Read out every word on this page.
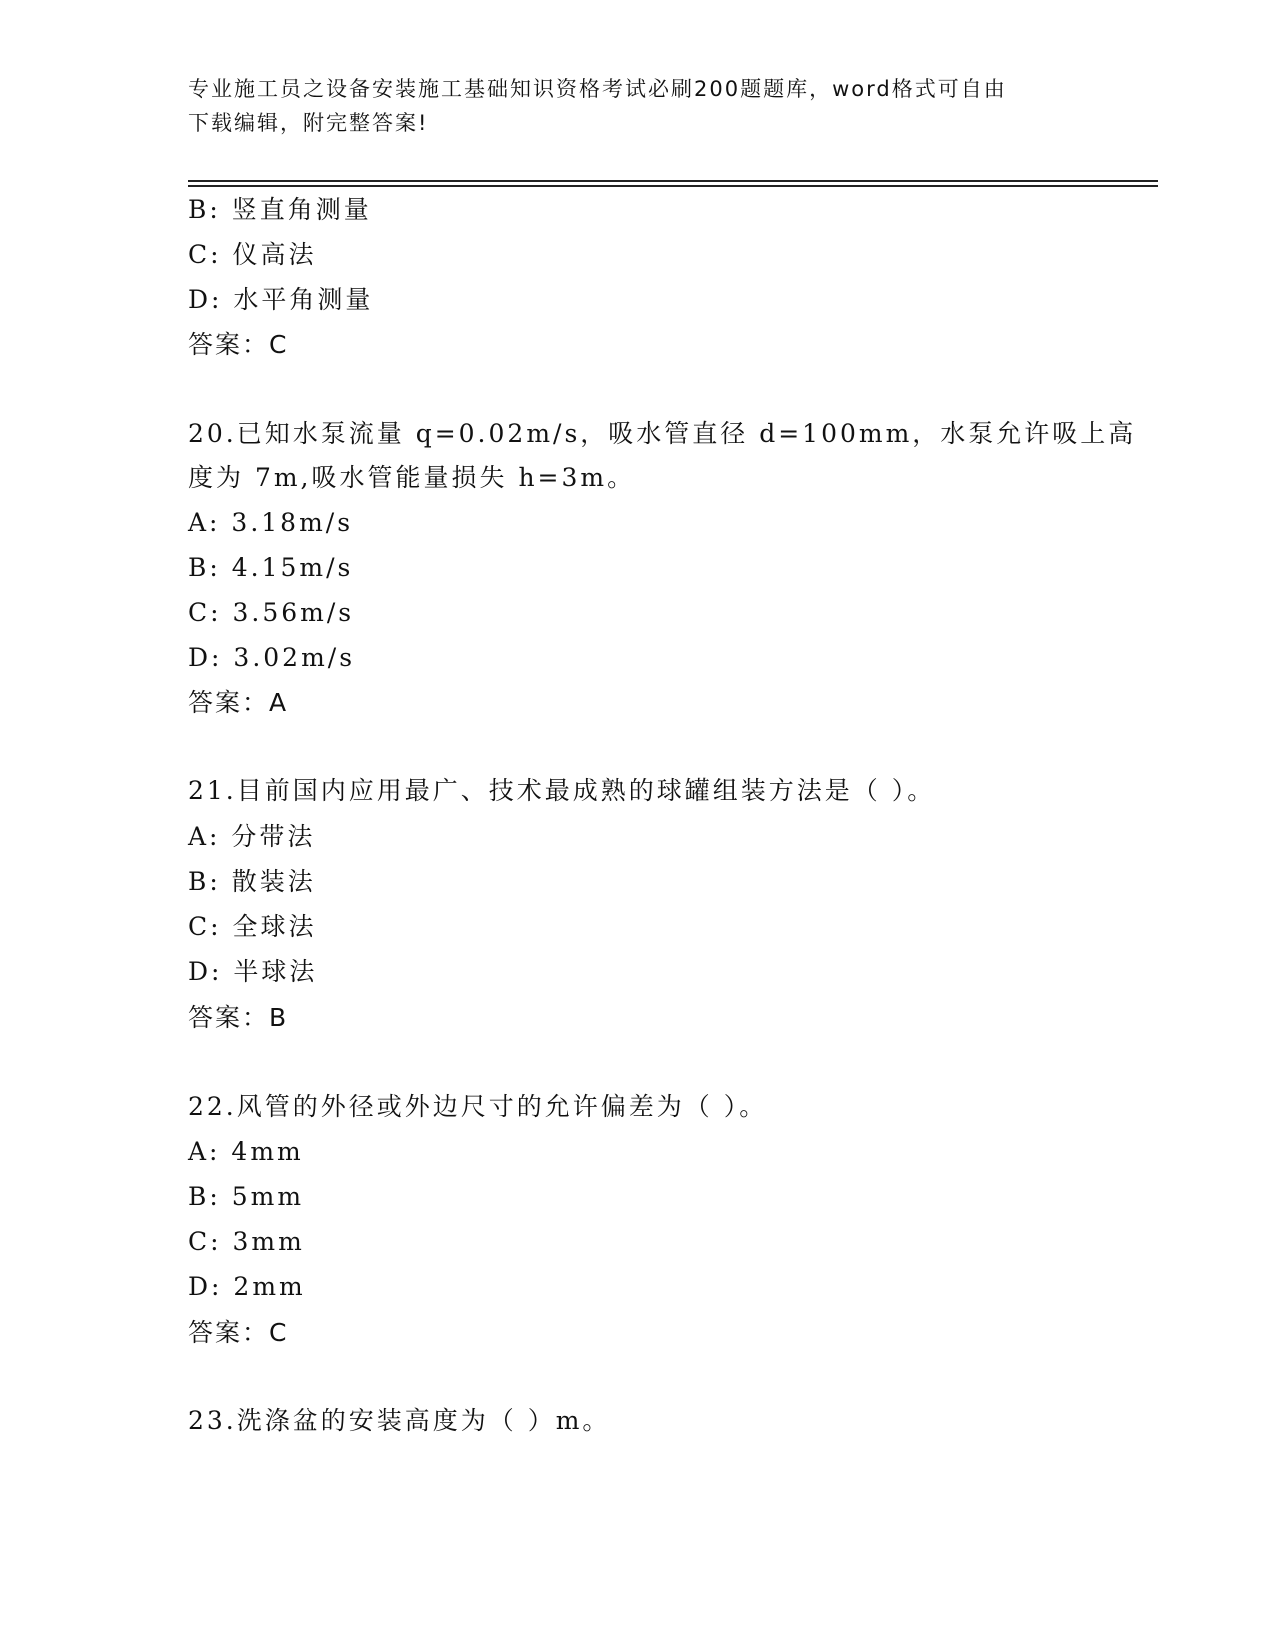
专业施工员之设备安装施工基础知识资格考试必刷200题题库，word格式可自由
下载编辑，附完整答案!
B: 竖直角测量
C: 仪高法
D: 水平角测量
答案：C
20.已知水泵流量 q=0.02m/s，吸水管直径 d=100mm，水泵允许吸上高
度为 7m,吸水管能量损失 h=3m。
A: 3.18m/s
B: 4.15m/s
C: 3.56m/s
D: 3.02m/s
答案：A
21.目前国内应用最广、技术最成熟的球罐组装方法是（ ）。
A: 分带法
B: 散装法
C: 全球法
D: 半球法
答案：B
22.风管的外径或外边尺寸的允许偏差为（ ）。
A: 4mm
B: 5mm
C: 3mm
D: 2mm
答案：C
23.洗涤盆的安装高度为（ ）m。
